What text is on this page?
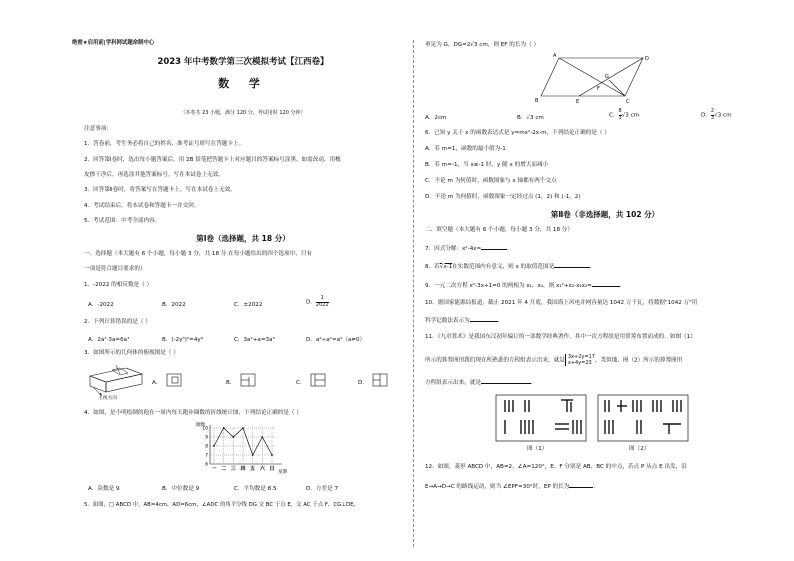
绝密★启用前|学科网试题命制中心
2023 年中考数学第三次模拟考试【江西卷】
数 学
（本卷共 23 小题，满分 120 分，考试用时 120 分钟）
注意事项：
1．答卷前，考生务必将自己的姓名、准考证号填写在答题卡上。
2．回答第Ⅰ卷时，选出每小题答案后，用 2B 铅笔把答题卡上对应题目的答案标号涂黑。如需改动，用橡
皮擦干净后，再选涂其他答案标号。写在本试卷上无效。
3．回答第Ⅱ卷时，将答案写在答题卡上。写在本试卷上无效。
4．考试结束后，将本试卷和答题卡一并交回。
5．考试范围：中考全部内容。
第Ⅰ卷（选择题，共 18 分）
一、选择题（本大题有 6 个小题，每小题 3 分，共 18 分.在每小题给出的四个选项中，只有
一项是符合题目要求的）
1．-2022 的相反数是（ ）
A．-2022	B．2022	C．±2022	D． $\frac{1}{2022}$
2．下列计算错误的是（ ）
A．2a²·3a=6a³	B．(-2y³)²=4y⁶	C．3a²+a=3a³	D．a⁶÷a²=a⁴（a≠0）
3．如图所示的几何体的俯视图是（ ）
主视方向
A．	B．	C．	D．
4．如图，是小明绘制的他在一周内每天跑步圈数的折线统计图，下列结论正确的是（ ）
圈数
6
7
8
9
10
一 二 三 四 五 六 日
星期
A．众数是 9	B．中位数是 9	C．平均数是 8.5	D．方差是 7
5．如图，□ ABCD 中，AB=4cm，AD=6cm，∠ADC 的角平分线 DG 交 BC 于点 E，交 AC 于点 F，CG⊥DE，
垂足为 G，DG=2√3 cm，则 EF 的长为（ ）
A	D
B	E	C
G
F
A．2cm	B．√3 cm	C． $\frac{8}{3} √3$ cm	D． $\frac{2}{3} √3$ cm
6．已知 y 关于 x 的函数表达式是 y=mx²-2x-m，下列结论正确的是（ ）
A．若 m=1，函数的最小值为-1
B．若 m=-1，当 x≤-1 时，y 随 x 的增大而减小
C．不论 m 为何值时，函数图象与 x 轴都有两个交点
D．不论 m 为何值时，函数图象一定经过点 (1，2) 和 (-1，2)
第Ⅱ卷（非选择题，共 102 分）
二、填空题（本大题有 6 个小题，每小题 3 分，共 18 分）
7．因式分解：x²-4x=	．
8．若√x-1在实数范围内有意义，则 x 的取值范围是	．
9．一元二次方程 x²-3x+1=0 的两根为 x₁，x₂，则 x₁²+x₂-x₁x₂=	．
10．据国家能源局报道，截止 2021 年 4 月底，我国海上风电并网容量达 1042 万千瓦，将数据"1042 万"用
科学记数法表示为	．
11．《九章算术》是我国东汉初年编订的一部数学经典著作，其中一次方程组是用算筹布置而成的．如图（1）
所示的算筹图用我们现在所熟悉的方程组表示出来，就是
3x+2y=17
x+4y=23 ，类似地，图（2）所示的算筹图用
方程组表示出来，就是	．
图（1）	图（2）
12．如图，菱形 ABCD 中，AB=2，∠A=120°，E、F 分别是 AB、BC 的中点，若点 P 从点 E 出发，沿
E→A→D→C 的路线运动，则当 ∠EPF=30°时，EP 的长为	．
